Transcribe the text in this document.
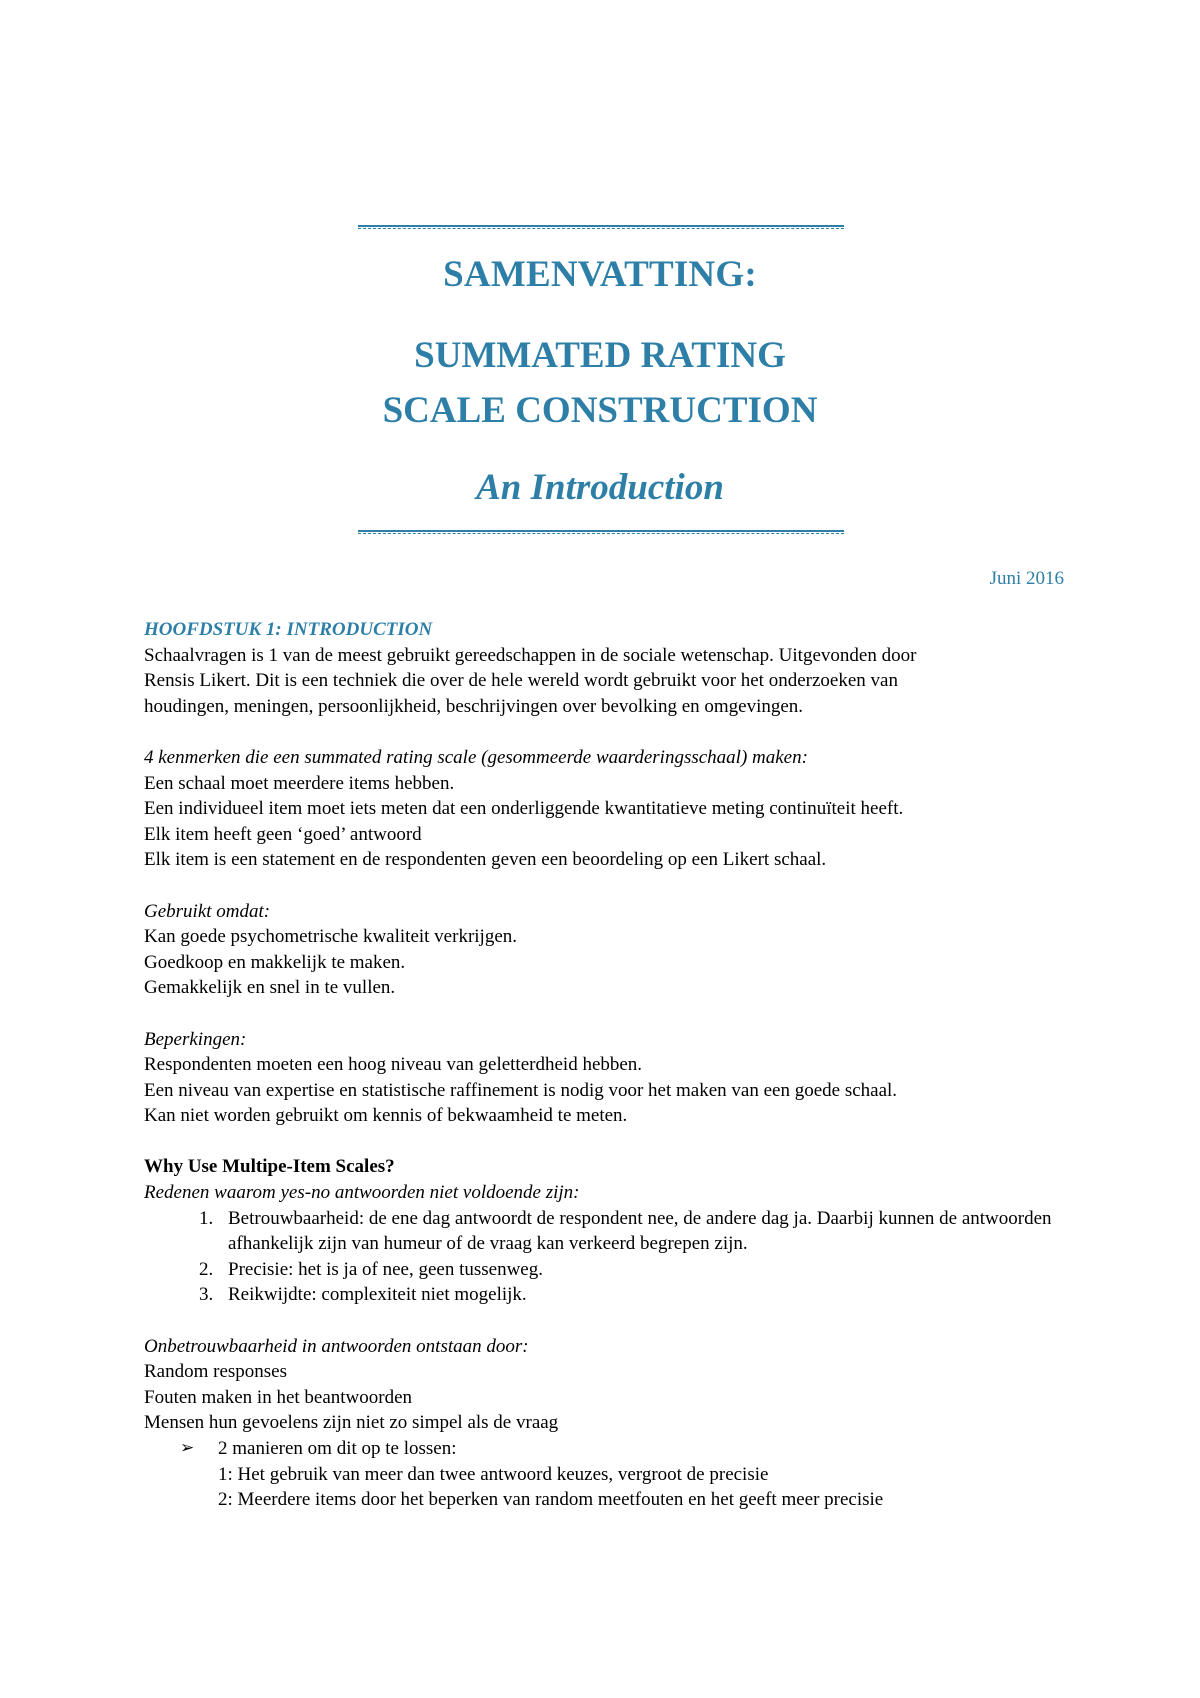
SAMENVATTING:
SUMMATED RATING
SCALE CONSTRUCTION
An Introduction
Juni 2016

HOOFDSTUK 1: INTRODUCTION

Schaalvragen is 1 van de meest gebruikt gereedschappen in de sociale wetenschap. Uitgevonden door

Rensis Likert. Dit is een techniek die over de hele wereld wordt gebruikt voor het onderzoeken van

houdingen, meningen, persoonlijkheid, beschrijvingen over bevolking en omgevingen.

4 kenmerken die een summated rating scale (gesommeerde waarderingsschaal) maken:

Een schaal moet meerdere items hebben.

Een individueel item moet iets meten dat een onderliggende kwantitatieve meting continuïteit heeft.

Elk item heeft geen ‘goed’ antwoord

Elk item is een statement en de respondenten geven een beoordeling op een Likert schaal.

Gebruikt omdat:

Kan goede psychometrische kwaliteit verkrijgen.

Goedkoop en makkelijk te maken.

Gemakkelijk en snel in te vullen.

Beperkingen:

Respondenten moeten een hoog niveau van geletterdheid hebben.

Een niveau van expertise en statistische raffinement is nodig voor het maken van een goede schaal.

Kan niet worden gebruikt om kennis of bekwaamheid te meten.

Why Use Multipe-Item Scales?

Redenen waarom yes-no antwoorden niet voldoende zijn:

1. Betrouwbaarheid: de ene dag antwoordt de respondent nee, de andere dag ja. Daarbij kunnen de antwoorden afhankelijk zijn van humeur of de vraag kan verkeerd begrepen zijn.
2. Precisie: het is ja of nee, geen tussenweg.
3. Reikwijdte: complexiteit niet mogelijk.

Onbetrouwbaarheid in antwoorden ontstaan door:

Random responses

Fouten maken in het beantwoorden

Mensen hun gevoelens zijn niet zo simpel als de vraag

➢ 2 manieren om dit op te lossen:

1: Het gebruik van meer dan twee antwoord keuzes, vergroot de precisie

2: Meerdere items door het beperken van random meetfouten en het geeft meer precisie
